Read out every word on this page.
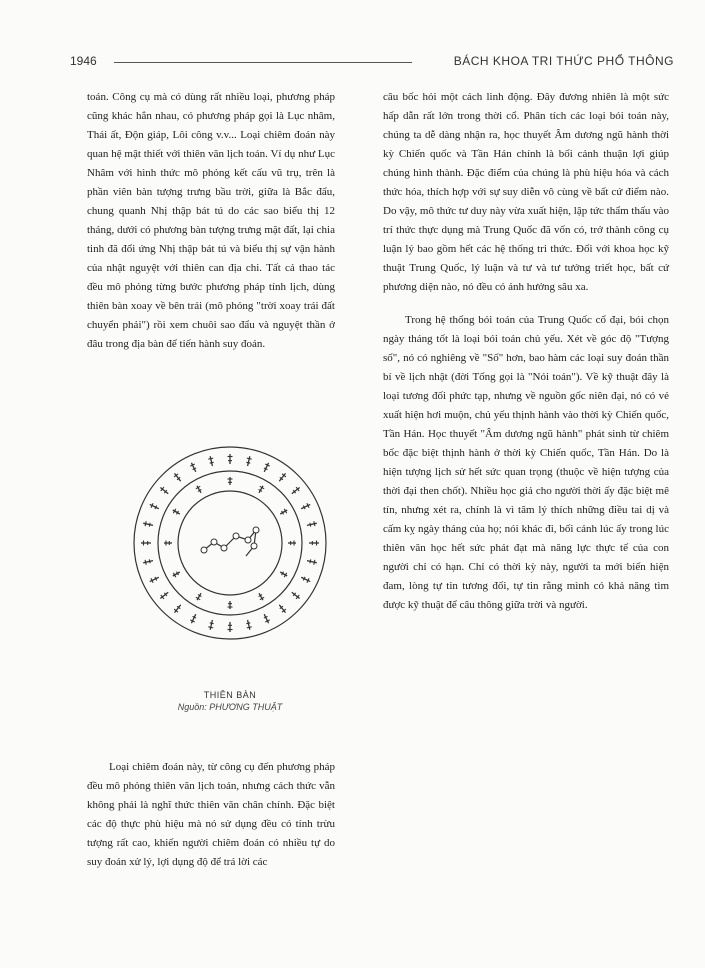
1946	BÁCH KHOA TRI THỨC PHỔ THÔNG

toán. Công cụ mà có dùng rất nhiều loại, phương pháp cũng khác hẳn nhau, có phương pháp gọi là Lục nhâm, Thái ất, Độn giáp, Lôi công v.v... Loại chiêm đoán này quan hệ mật thiết với thiên văn lịch toán. Ví dụ như Lục Nhâm với hình thức mô phỏng kết cấu vũ trụ, trên là phần viên bàn tượng trưng bầu trời, giữa là Bắc đẩu, chung quanh Nhị thập bát tú do các sao biểu thị 12 tháng, dưới có phương bàn tượng trưng mặt đất, lại chia tinh đã đổi ứng Nhị thập bát tú và biểu thị sự vận hành của nhật nguyệt với thiên can địa chi. Tất cả thao tác đều mô phỏng từng bước phương pháp tính lịch, dùng thiên bàn xoay về bên trái (mô phỏng "trời xoay trái đất chuyển phải") rồi xem chuôi sao đẩu và nguyệt thần ở đâu trong địa bàn để tiến hành suy đoán.

THIÊN BÀN

Nguồn: PHƯƠNG THUẬT

Loại chiêm đoán này, từ công cụ đến phương pháp đều mô phỏng thiên văn lịch toán, nhưng cách thức vẫn không phải là nghĩ thức thiên văn chân chính. Đặc biệt các độ thực phù hiệu mà nó sử dụng đều có tính trừu tượng rất cao, khiến người chiêm đoán có nhiều tự do suy đoán xử lý, lợi dụng độ để trá lời các

câu bốc hỏi một cách linh động. Đây đương nhiên là một sức hấp dẫn rất lớn trong thời cổ. Phân tích các loại bói toán này, chúng ta dễ dàng nhận ra, học thuyết Âm dương ngũ hành thời kỳ Chiến quốc và Tần Hán chính là bối cảnh thuận lợi giúp chúng hình thành. Đặc điểm của chúng là phù hiệu hóa và cách thức hóa, thích hợp với sự suy diễn vô cùng về bất cứ điểm nào. Do vậy, mô thức tư duy này vừa xuất hiện, lập tức thẩm thấu vào trí thức thực dụng mà Trung Quốc đã vốn có, trở thành công cụ luận lý bao gồm hết các hệ thống tri thức. Đối với khoa học kỹ thuật Trung Quốc, lý luận và tư và tư tưởng triết học, bất cứ phương diện nào, nó đều có ảnh hưởng sâu xa.

Trong hệ thống bói toán của Trung Quốc cổ đại, bói chọn ngày tháng tốt là loại bói toán chủ yếu. Xét về góc độ "Tượng số", nó có nghiêng về "Số" hơn, bao hàm các loại suy đoán thần bí về lịch nhật (đời Tống gọi là "Nói toán"). Về kỹ thuật đây là loại tương đối phức tạp, nhưng về nguồn gốc niên đại, nó có vẻ xuất hiện hơi muộn, chủ yếu thịnh hành vào thời kỳ Chiến quốc, Tần Hán. Học thuyết "Âm dương ngũ hành" phát sinh từ chiêm bốc đặc biệt thịnh hành ở thời kỳ Chiến quốc, Tần Hán. Do là hiện tượng lịch sử hết sức quan trọng (thuộc về hiện tượng của thời đại then chốt). Nhiều học giả cho người thời ấy đặc biệt mê tín, nhưng xét ra, chính là vì tâm lý thích những điều tai dị và cấm kỵ ngày tháng của họ; nói khác đi, bối cảnh lúc ấy trong lúc thiên văn học hết sức phát đạt mà năng lực thực tế của con người chỉ có hạn. Chỉ có thời kỳ này, người ta mới biến hiện đam, lòng tự tin tương đối, tự tin rằng mình có khả năng tìm được kỹ thuật để câu thông giữa trời và người.
